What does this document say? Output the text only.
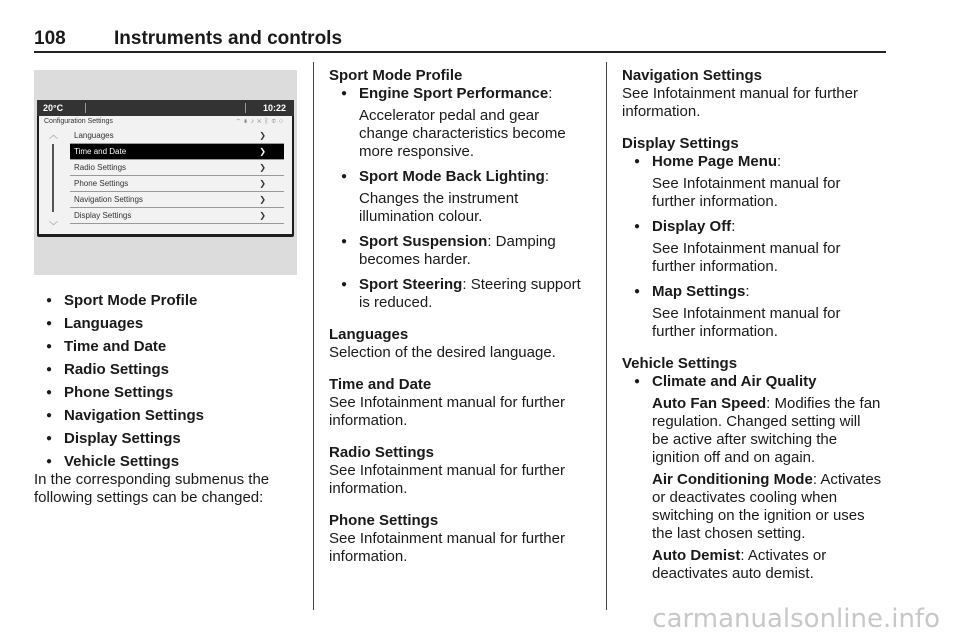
108	Instruments and controls
20°C	10:22
Configuration Settings	◠▮♪✕ᛒ✆○
︿
﹀
Languages	❯
Time and Date	❯
Radio Settings	❯
Phone Settings	❯
Navigation Settings	❯
Display Settings	❯
● Sport Mode Profile
● Languages
● Time and Date
● Radio Settings
● Phone Settings
● Navigation Settings
● Display Settings
● Vehicle Settings

In the corresponding submenus the

following settings can be changed:

Sport Mode Profile

● Engine Sport Performance:
Accelerator pedal and gear
change characteristics become
more responsive.
● Sport Mode Back Lighting:
Changes the instrument
illumination colour.
● Sport Suspension: Damping
becomes harder.
● Sport Steering: Steering support
is reduced.

Languages

Selection of the desired language.

Time and Date

See Infotainment manual for further

information.

Radio Settings

See Infotainment manual for further

information.

Phone Settings

See Infotainment manual for further

information.

Navigation Settings

See Infotainment manual for further

information.

Display Settings

● Home Page Menu:
See Infotainment manual for
further information.
● Display Off:
See Infotainment manual for
further information.
● Map Settings:
See Infotainment manual for
further information.

Vehicle Settings

● Climate and Air Quality
Auto Fan Speed: Modifies the fan
regulation. Changed setting will
be active after switching the
ignition off and on again.
Air Conditioning Mode: Activates
or deactivates cooling when
switching on the ignition or uses
the last chosen setting.
Auto Demist: Activates or
deactivates auto demist.
carmanualsonline.info
